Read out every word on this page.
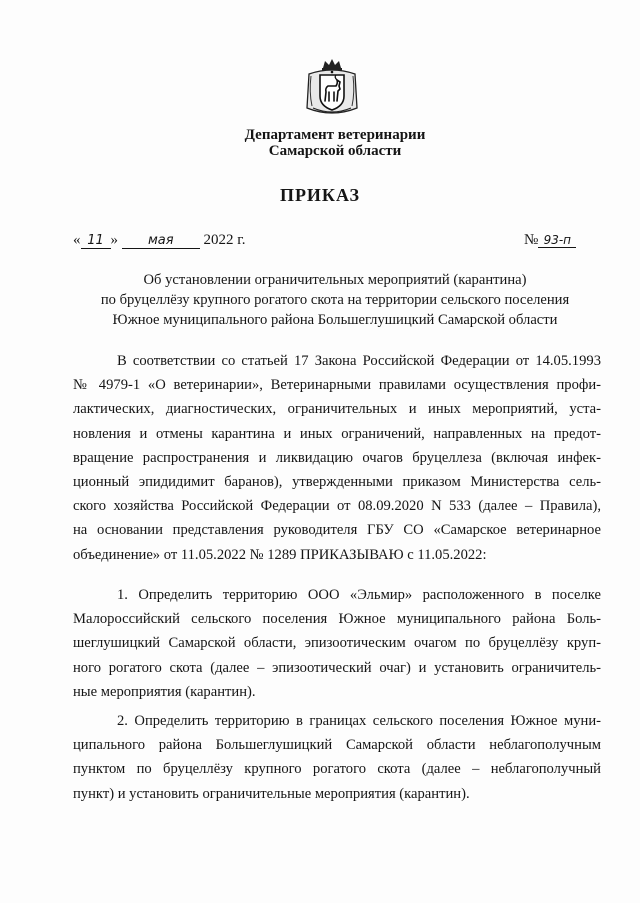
Департамент ветеринарии
Самарской области
ПРИКАЗ
« 11 » мая 2022 г.	№ 93-п
Об установлении ограничительных мероприятий (карантина)
по бруцеллёзу крупного рогатого скота на территории сельского поселения
Южное муниципального района Большеглушицкий Самарской области
В соответствии со статьей 17 Закона Российской Федерации от 14.05.1993
№ 4979-1 «О ветеринарии», Ветеринарными правилами осуществления профи-
лактических, диагностических, ограничительных и иных мероприятий, уста-
новления и отмены карантина и иных ограничений, направленных на предот-
вращение распространения и ликвидацию очагов бруцеллеза (включая инфек-
ционный эпидидимит баранов), утвержденными приказом Министерства сель-
ского хозяйства Российской Федерации от 08.09.2020 N 533 (далее – Правила),
на основании представления руководителя ГБУ СО «Самарское ветеринарное
объединение» от 11.05.2022 № 1289 ПРИКАЗЫВАЮ с 11.05.2022:
1. Определить территорию ООО «Эльмир» расположенного в поселке
Малороссийский сельского поселения Южное муниципального района Боль-
шеглушицкий Самарской области, эпизоотическим очагом по бруцеллёзу круп-
ного рогатого скота (далее – эпизоотический очаг) и установить ограничитель-
ные мероприятия (карантин).
2. Определить территорию в границах сельского поселения Южное муни-
ципального района Большеглушицкий Самарской области неблагополучным
пунктом по бруцеллёзу крупного рогатого скота (далее – неблагополучный
пункт) и установить ограничительные мероприятия (карантин).
